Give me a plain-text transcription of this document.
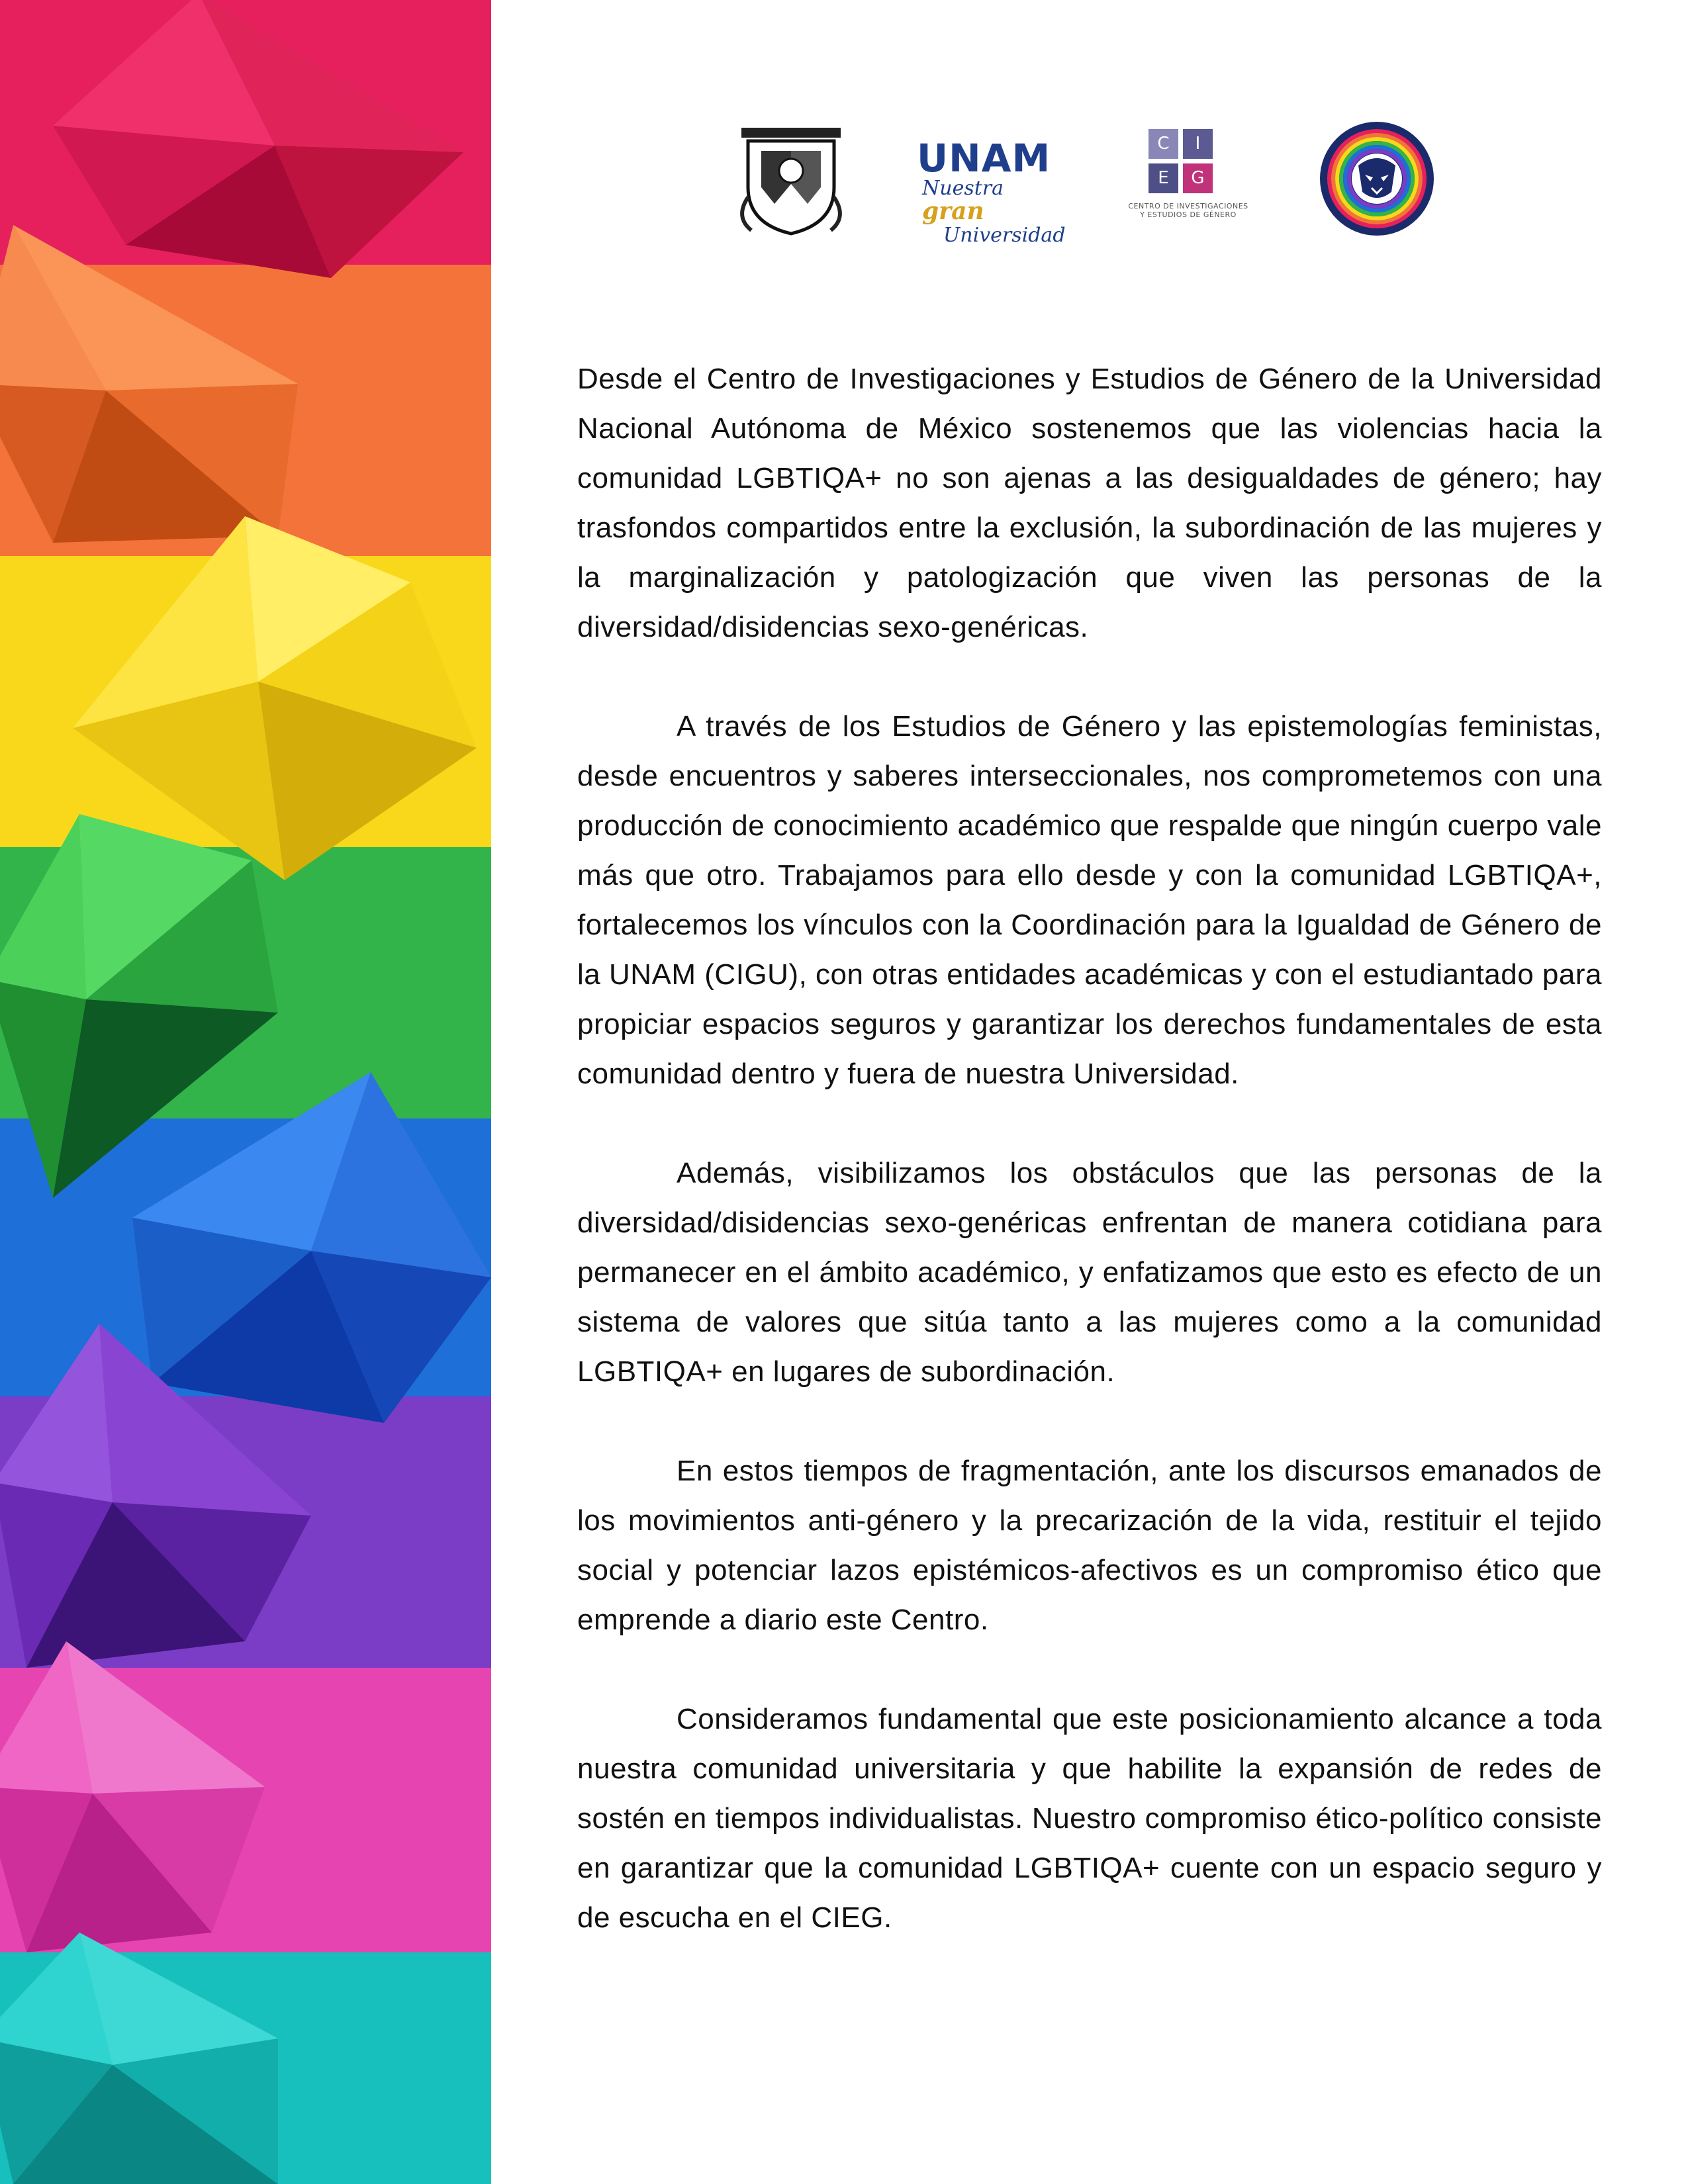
UNAM
Nuestra gran
Universidad
C	I
E	G
CENTRO DE INVESTIGACIONES
Y ESTUDIOS DE GÉNERO

Desde el Centro de Investigaciones y Estudios de Género de la Universidad Nacional Autónoma de México sostenemos que las violencias hacia la comunidad LGBTIQA+ no son ajenas a las desigualdades de género; hay trasfondos compartidos entre la exclusión, la subordinación de las mujeres y la marginalización y patologización que viven las personas de la diversidad/disidencias sexo-genéricas.

A través de los Estudios de Género y las epistemologías feministas, desde encuentros y saberes interseccionales, nos comprometemos con una producción de conocimiento académico que respalde que ningún cuerpo vale más que otro. Trabajamos para ello desde y con la comunidad LGBTIQA+, fortalecemos los vínculos con la Coordinación para la Igualdad de Género de la UNAM (CIGU), con otras entidades académicas y con el estudiantado para propiciar espacios seguros y garantizar los derechos fundamentales de esta comunidad dentro y fuera de nuestra Universidad.

Además, visibilizamos los obstáculos que las personas de la diversidad/disidencias sexo-genéricas enfrentan de manera cotidiana para permanecer en el ámbito académico, y enfatizamos que esto es efecto de un sistema de valores que sitúa tanto a las mujeres como a la comunidad LGBTIQA+ en lugares de subordinación.

En estos tiempos de fragmentación, ante los discursos emanados de los movimientos anti-género y la precarización de la vida, restituir el tejido social y potenciar lazos epistémicos-afectivos es un compromiso ético que emprende a diario este Centro.

Consideramos fundamental que este posicionamiento alcance a toda nuestra comunidad universitaria y que habilite la expansión de redes de sostén en tiempos individualistas. Nuestro compromiso ético-político consiste en garantizar que la comunidad LGBTIQA+ cuente con un espacio seguro y de escucha en el CIEG.
